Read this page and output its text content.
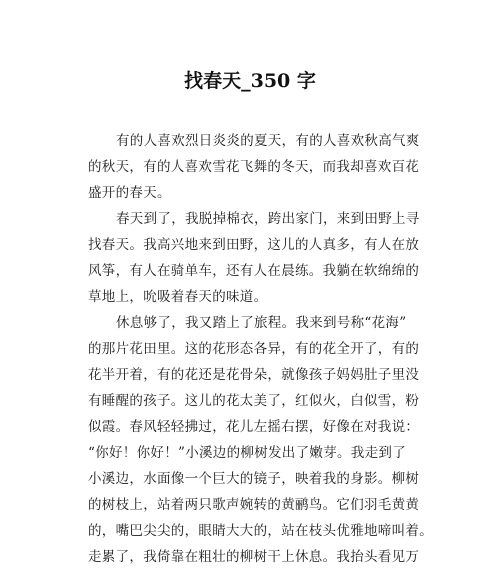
找春天_350 字
有的人喜欢烈日炎炎的夏天，有的人喜欢秋高气爽
的秋天，有的人喜欢雪花飞舞的冬天，而我却喜欢百花
盛开的春天。
春天到了，我脱掉棉衣，跨出家门，来到田野上寻
找春天。我高兴地来到田野，这儿的人真多，有人在放
风筝，有人在骑单车，还有人在晨练。我躺在软绵绵的
草地上，吮吸着春天的味道。
休息够了，我又踏上了旅程。我来到号称“花海”
的那片花田里。这的花形态各异，有的花全开了，有的
花半开着，有的花还是花骨朵，就像孩子妈妈肚子里没
有睡醒的孩子。这儿的花太美了，红似火，白似雪，粉
似霞。春风轻轻拂过，花儿左摇右摆，好像在对我说：
“你好！你好！”小溪边的柳树发出了嫩芽。我走到了
小溪边，水面像一个巨大的镜子，映着我的身影。柳树
的树枝上，站着两只歌声婉转的黄鹂鸟。它们羽毛黄黄
的，嘴巴尖尖的，眼睛大大的，站在枝头优雅地啼叫着。
走累了，我倚靠在粗壮的柳树干上休息。我抬头看见万
